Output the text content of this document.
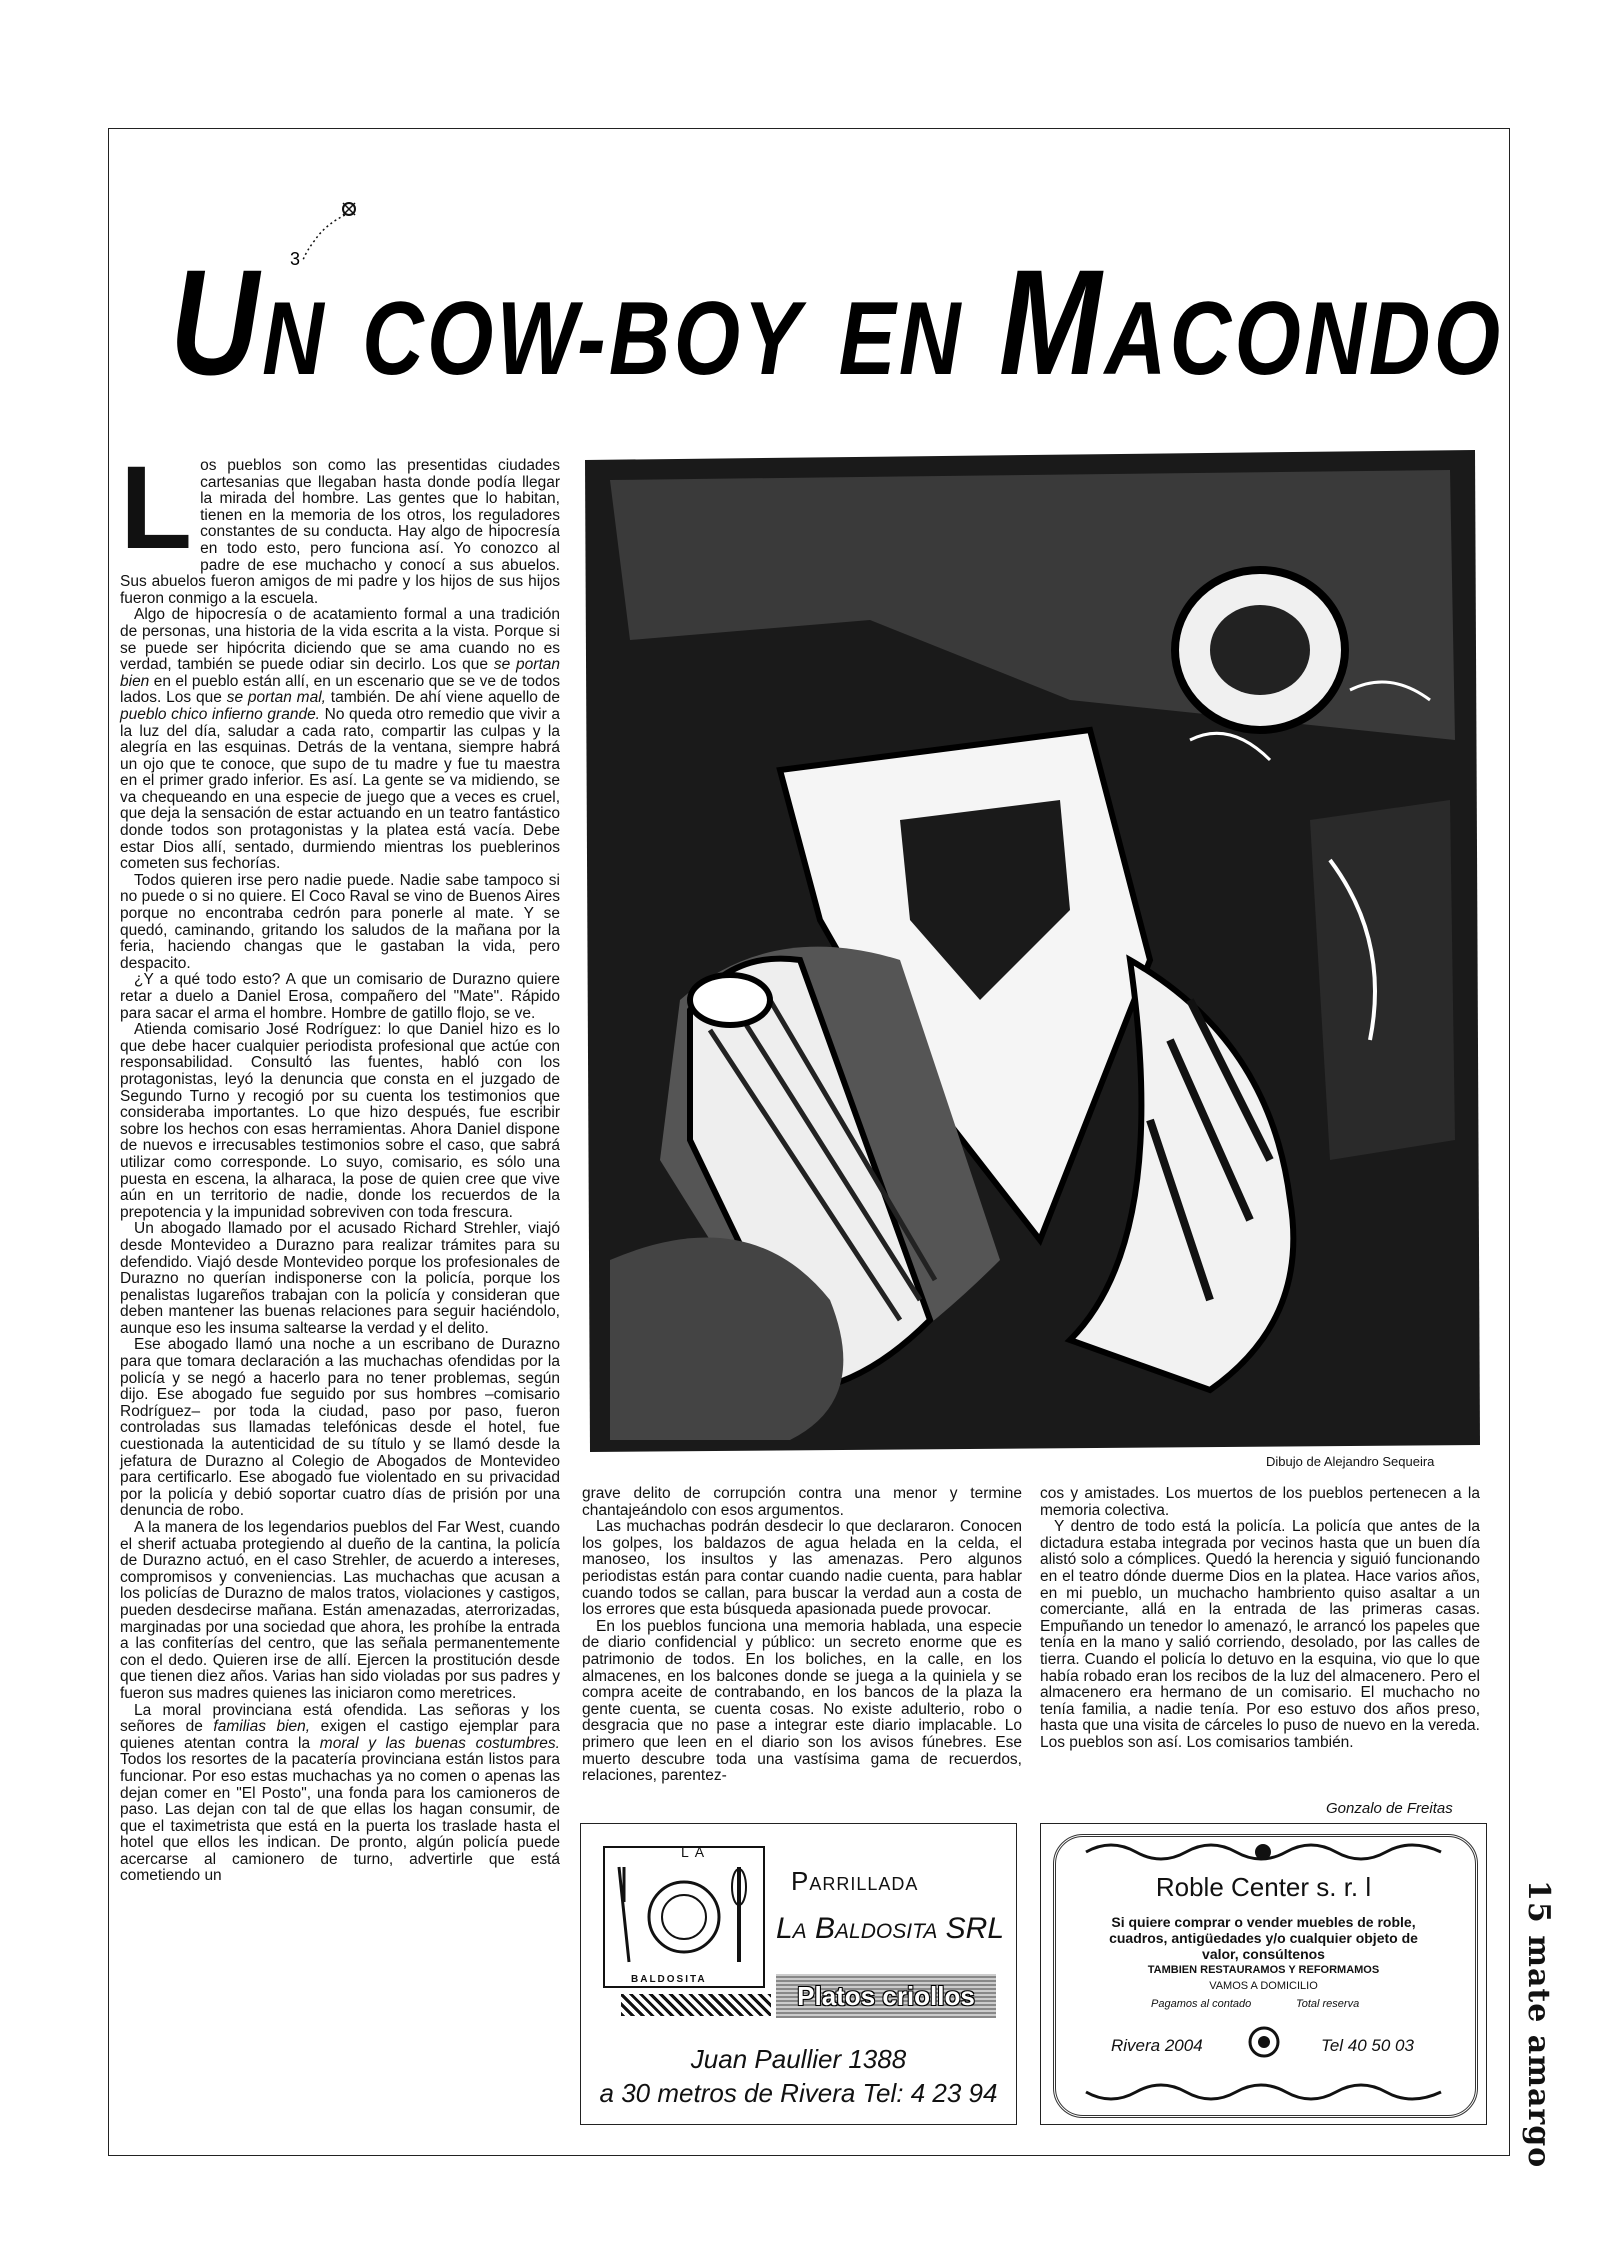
3
UN COW-BOY EN MACONDO

Los pueblos son como las presentidas ciudades cartesanias que llegaban hasta donde podía llegar la mirada del hombre. Las gentes que lo habitan, tienen en la memoria de los otros, los reguladores constantes de su conducta. Hay algo de hipocresía en todo esto, pero funciona así. Yo conozco al padre de ese muchacho y conocí a sus abuelos. Sus abuelos fueron amigos de mi padre y los hijos de sus hijos fueron conmigo a la escuela.

Algo de hipocresía o de acatamiento formal a una tradición de personas, una historia de la vida escrita a la vista. Porque si se puede ser hipócrita diciendo que se ama cuando no es verdad, también se puede odiar sin decirlo. Los que se portan bien en el pueblo están allí, en un escenario que se ve de todos lados. Los que se portan mal, también. De ahí viene aquello de pueblo chico infierno grande. No queda otro remedio que vivir a la luz del día, saludar a cada rato, compartir las culpas y la alegría en las esquinas. Detrás de la ventana, siempre habrá un ojo que te conoce, que supo de tu madre y fue tu maestra en el primer grado inferior. Es así. La gente se va midiendo, se va chequeando en una especie de juego que a veces es cruel, que deja la sensación de estar actuando en un teatro fantástico donde todos son protagonistas y la platea está vacía. Debe estar Dios allí, sentado, durmiendo mientras los pueblerinos cometen sus fechorías.

Todos quieren irse pero nadie puede. Nadie sabe tampoco si no puede o si no quiere. El Coco Raval se vino de Buenos Aires porque no encontraba cedrón para ponerle al mate. Y se quedó, caminando, gritando los saludos de la mañana por la feria, haciendo changas que le gastaban la vida, pero despacito.

¿Y a qué todo esto? A que un comisario de Durazno quiere retar a duelo a Daniel Erosa, compañero del "Mate". Rápido para sacar el arma el hombre. Hombre de gatillo flojo, se ve.

Atienda comisario José Rodríguez: lo que Daniel hizo es lo que debe hacer cualquier periodista profesional que actúe con responsabilidad. Consultó las fuentes, habló con los protagonistas, leyó la denuncia que consta en el juzgado de Segundo Turno y recogió por su cuenta los testimonios que consideraba importantes. Lo que hizo después, fue escribir sobre los hechos con esas herramientas. Ahora Daniel dispone de nuevos e irrecusables testimonios sobre el caso, que sabrá utilizar como corresponde. Lo suyo, comisario, es sólo una puesta en escena, la alharaca, la pose de quien cree que vive aún en un territorio de nadie, donde los recuerdos de la prepotencia y la impunidad sobreviven con toda frescura.

Un abogado llamado por el acusado Richard Strehler, viajó desde Montevideo a Durazno para realizar trámites para su defendido. Viajó desde Montevideo porque los profesionales de Durazno no querían indisponerse con la policía, porque los penalistas lugareños trabajan con la policía y consideran que deben mantener las buenas relaciones para seguir haciéndolo, aunque eso les insuma saltearse la verdad y el delito.

Ese abogado llamó una noche a un escribano de Durazno para que tomara declaración a las muchachas ofendidas por la policía y se negó a hacerlo para no tener problemas, según dijo. Ese abogado fue seguido por sus hombres –comisario Rodríguez– por toda la ciudad, paso por paso, fueron controladas sus llamadas telefónicas desde el hotel, fue cuestionada la autenticidad de su título y se llamó desde la jefatura de Durazno al Colegio de Abogados de Montevideo para certificarlo. Ese abogado fue violentado en su privacidad por la policía y debió soportar cuatro días de prisión por una denuncia de robo.

A la manera de los legendarios pueblos del Far West, cuando el sherif actuaba protegiendo al dueño de la cantina, la policía de Durazno actuó, en el caso Strehler, de acuerdo a intereses, compromisos y conveniencias. Las muchachas que acusan a los policías de Durazno de malos tratos, violaciones y castigos, pueden desdecirse mañana. Están amenazadas, aterrorizadas, marginadas por una sociedad que ahora, les prohíbe la entrada a las confiterías del centro, que las señala permanentemente con el dedo. Quieren irse de allí. Ejercen la prostitución desde que tienen diez años. Varias han sido violadas por sus padres y fueron sus madres quienes las iniciaron como meretrices.

La moral provinciana está ofendida. Las señoras y los señores de familias bien, exigen el castigo ejemplar para quienes atentan contra la moral y las buenas costumbres. Todos los resortes de la pacatería provinciana están listos para funcionar. Por eso estas muchachas ya no comen o apenas las dejan comer en "El Posto", una fonda para los camioneros de paso. Las dejan con tal de que ellas los hagan consumir, de que el taximetrista que está en la puerta los traslade hasta el hotel que ellos les indican. De pronto, algún policía puede acercarse al camionero de turno, advertirle que está cometiendo un

Dibujo de Alejandro Sequeira

grave delito de corrupción contra una menor y termine chantajeándolo con esos argumentos.

Las muchachas podrán desdecir lo que declararon. Conocen los golpes, los baldazos de agua helada en la celda, el manoseo, los insultos y las amenazas. Pero algunos periodistas están para contar cuando nadie cuenta, para hablar cuando todos se callan, para buscar la verdad aun a costa de los errores que esta búsqueda apasionada puede provocar.

En los pueblos funciona una memoria hablada, una especie de diario confidencial y público: un secreto enorme que es patrimonio de todos. En los boliches, en la calle, en los almacenes, en los balcones donde se juega a la quiniela y se compra aceite de contrabando, en los bancos de la plaza la gente cuenta, se cuenta cosas. No existe adulterio, robo o desgracia que no pase a integrar este diario implacable. Lo primero que leen en el diario son los avisos fúnebres. Ese muerto descubre toda una vastísima gama de recuerdos, relaciones, parentez-

cos y amistades. Los muertos de los pueblos pertenecen a la memoria colectiva.

Y dentro de todo está la policía. La policía que antes de la dictadura estaba integrada por vecinos hasta que un buen día alistó solo a cómplices. Quedó la herencia y siguió funcionando en el teatro dónde duerme Dios en la platea. Hace varios años, en mi pueblo, un muchacho hambriento quiso asaltar a un comerciante, allá en la entrada de las primeras casas. Empuñando un tenedor lo amenazó, le arrancó los papeles que tenía en la mano y salió corriendo, desolado, por las calles de tierra. Cuando el policía lo detuvo en la esquina, vio que lo que había robado eran los recibos de la luz del almacenero. Pero el almacenero era hermano de un comisario. El muchacho no tenía familia, a nadie tenía. Por eso estuvo dos años preso, hasta que una visita de cárceles lo puso de nuevo en la vereda. Los pueblos son así. Los comisarios también.

Gonzalo de Freitas
LA
BALDOSITA
Parrillada
La Baldosita SRL
Platos criollos
Juan Paullier 1388
a 30 metros de Rivera Tel: 4 23 94
Roble Center s. r. l
Si quiere comprar o vender muebles de roble, cuadros, antigüedades y/o cualquier objeto de valor, consúltenos
TAMBIEN RESTAURAMOS Y REFORMAMOS
VAMOS A DOMICILIO
Pagamos al contado	Total reserva
Rivera 2004	Tel 40 50 03
15 mate amargo
